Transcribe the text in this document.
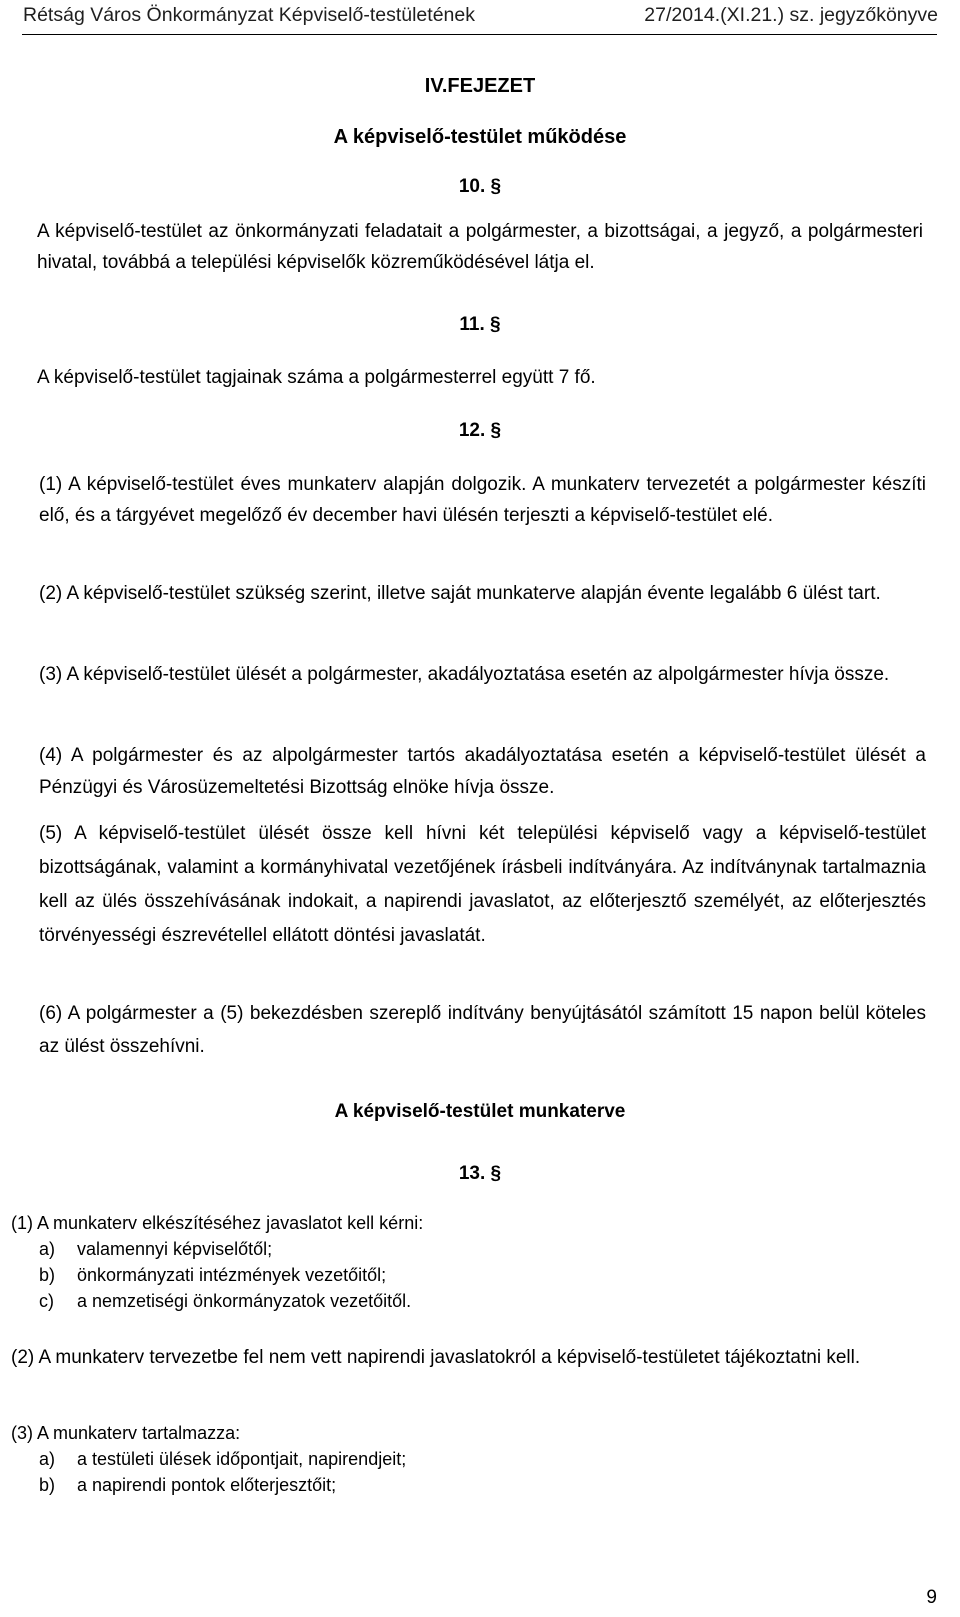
Rétság Város Önkormányzat Képviselő-testületének	27/2014.(XI.21.) sz. jegyzőkönyve
IV.FEJEZET
A képviselő-testület működése
10. §
A képviselő-testület az önkormányzati feladatait a polgármester, a bizottságai, a jegyző, a polgármesteri hivatal, továbbá a települési képviselők közreműködésével látja el.
11. §
A képviselő-testület tagjainak száma a polgármesterrel együtt 7 fő.
12. §
(1) A képviselő-testület éves munkaterv alapján dolgozik. A munkaterv tervezetét a polgármester készíti elő, és a tárgyévet megelőző év december havi ülésén terjeszti a képviselő-testület elé.
(2) A képviselő-testület szükség szerint, illetve saját munkaterve alapján évente legalább 6 ülést tart.
(3) A képviselő-testület ülését a polgármester, akadályoztatása esetén az alpolgármester hívja össze.
(4) A polgármester és az alpolgármester tartós akadályoztatása esetén a képviselő-testület ülését a Pénzügyi és Városüzemeltetési Bizottság elnöke hívja össze.
(5) A képviselő-testület ülését össze kell hívni két települési képviselő vagy a képviselő-testület bizottságának, valamint a kormányhivatal vezetőjének írásbeli indítványára. Az indítványnak tartalmaznia kell az ülés összehívásának indokait, a napirendi javaslatot, az előterjesztő személyét, az előterjesztés törvényességi észrevétellel ellátott döntési javaslatát.
(6) A polgármester a (5) bekezdésben szereplő indítvány benyújtásától számított 15 napon belül köteles az ülést összehívni.
A képviselő-testület munkaterve
13. §
(1) A munkaterv elkészítéséhez javaslatot kell kérni:
a) valamennyi képviselőtől;
b) önkormányzati intézmények vezetőitől;
c) a nemzetiségi önkormányzatok vezetőitől.
(2) A munkaterv tervezetbe fel nem vett napirendi javaslatokról a képviselő-testületet tájékoztatni kell.
(3) A munkaterv tartalmazza:
a) a testületi ülések időpontjait, napirendjeit;
b) a napirendi pontok előterjesztőit;
9
